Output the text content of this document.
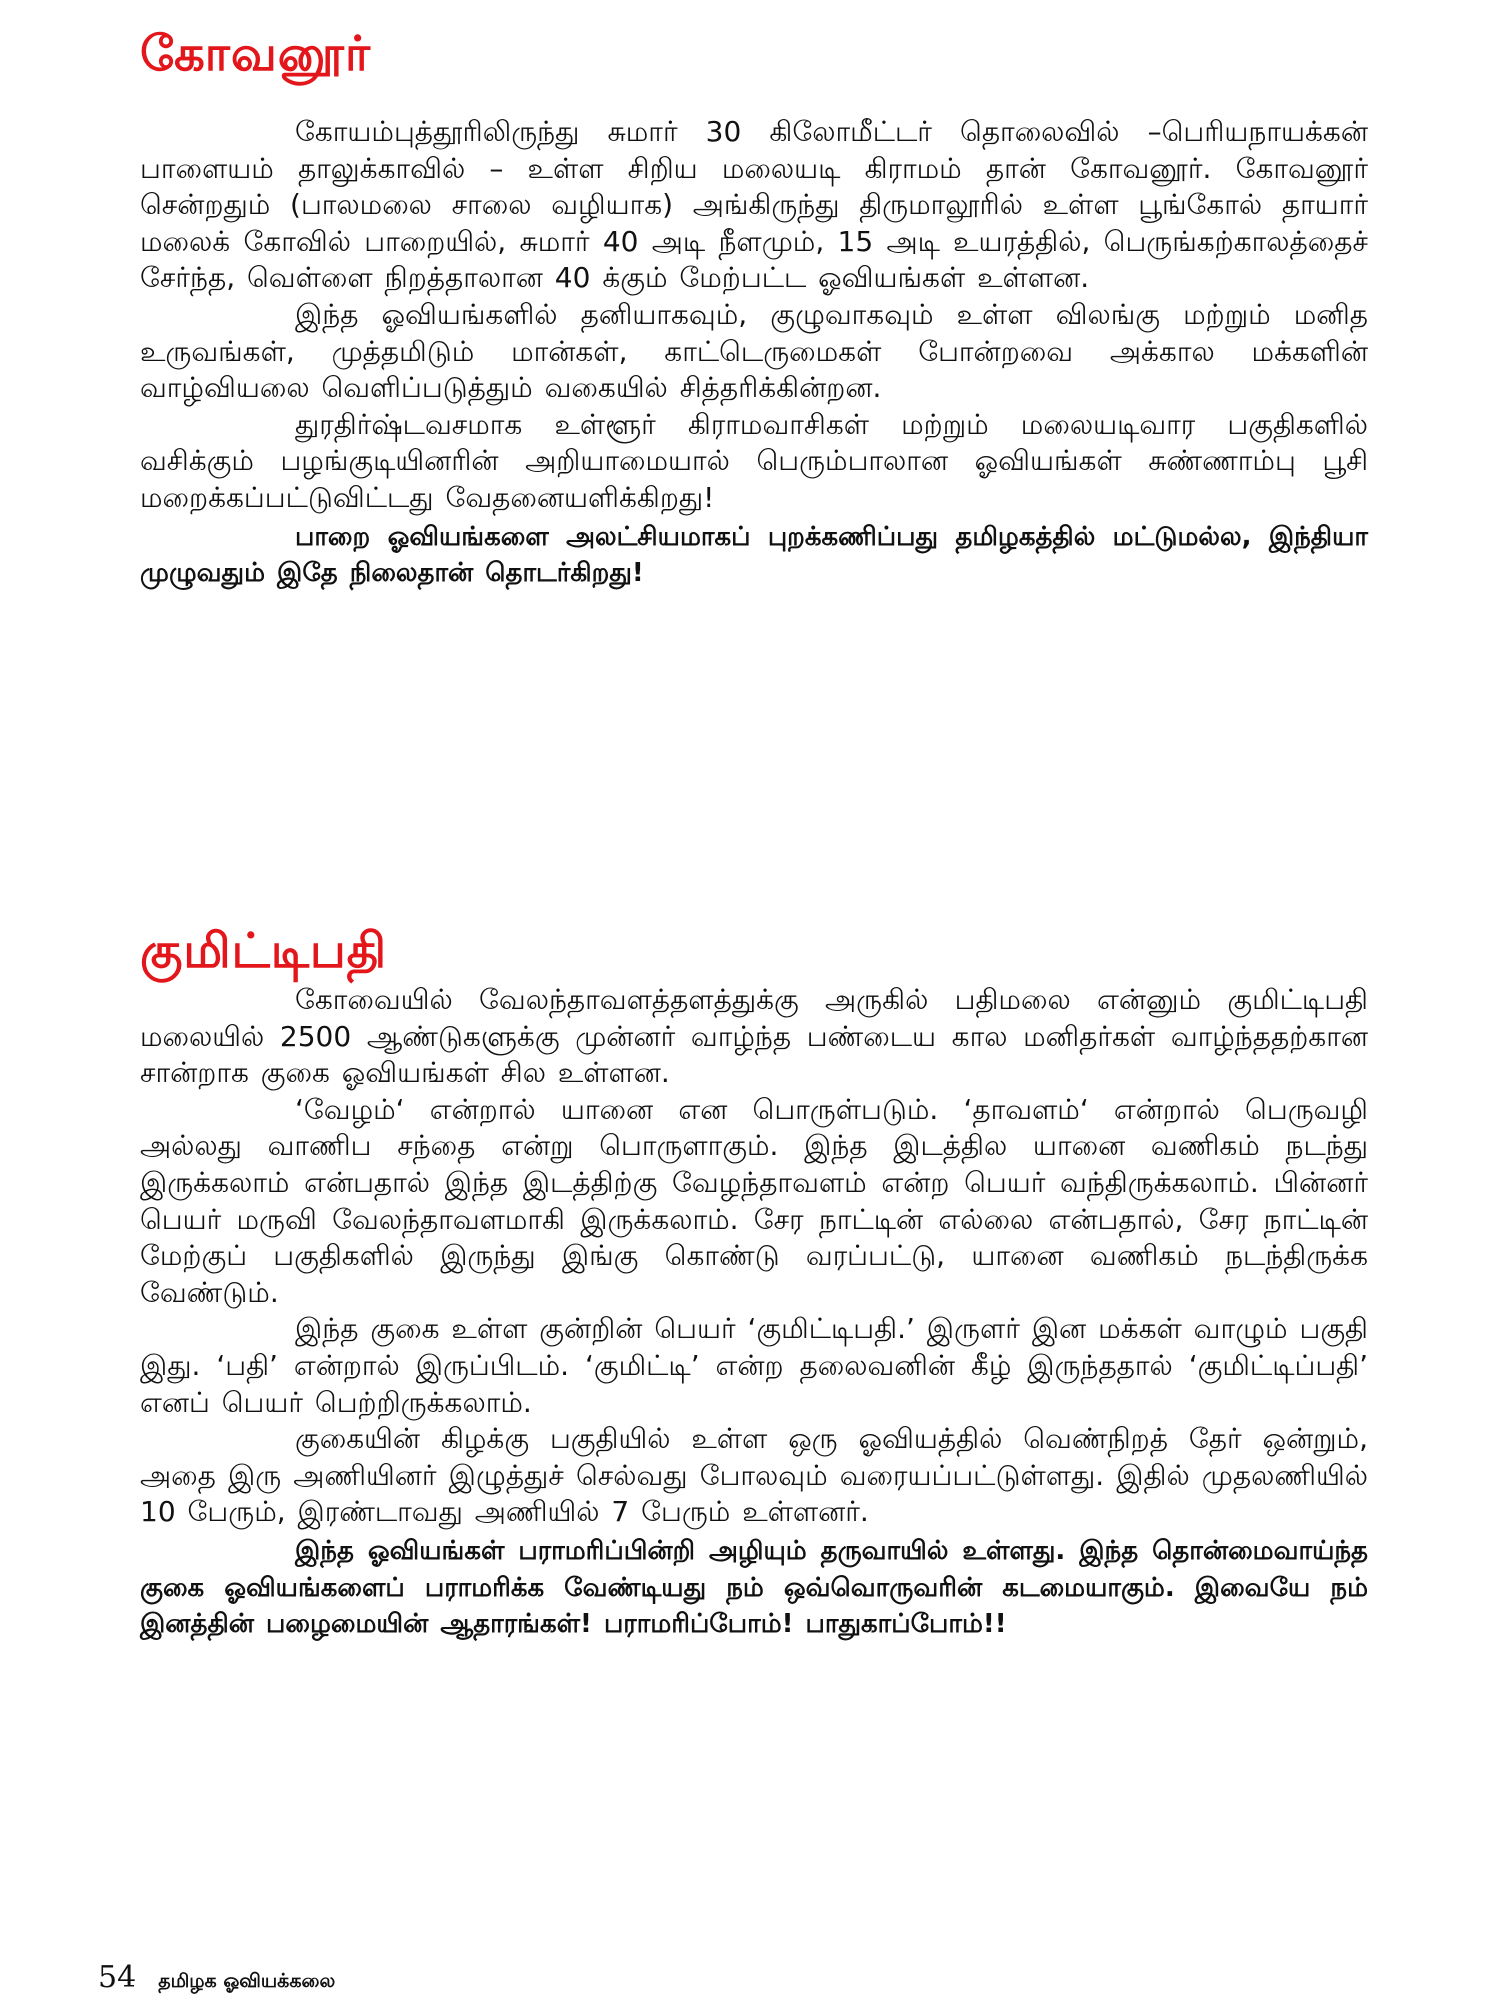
கோவனூர்

கோயம்புத்தூரிலிருந்து சுமார் 30 கிலோமீட்டர் தொலைவில் –பெரியநாயக்கன் பாளையம் தாலுக்காவில் – உள்ள சிறிய மலையடி கிராமம் தான் கோவனூர். கோவனூர் சென்றதும் (பாலமலை சாலை வழியாக) அங்கிருந்து திருமாலூரில் உள்ள பூங்கோல் தாயார் மலைக் கோவில் பாறையில், சுமார் 40 அடி நீளமும், 15 அடி உயரத்தில், பெருங்கற்காலத்தைச் சேர்ந்த, வெள்ளை நிறத்தாலான 40 க்கும் மேற்பட்ட ஓவியங்கள் உள்ளன.

இந்த ஓவியங்களில் தனியாகவும், குழுவாகவும் உள்ள விலங்கு மற்றும் மனித உருவங்கள், முத்தமிடும் மான்கள், காட்டெருமைகள் போன்றவை அக்கால மக்களின் வாழ்வியலை வெளிப்படுத்தும் வகையில் சித்தரிக்கின்றன.

துரதிர்ஷ்டவசமாக உள்ளூர் கிராமவாசிகள் மற்றும் மலையடிவார பகுதிகளில் வசிக்கும் பழங்குடியினரின் அறியாமையால் பெரும்பாலான ஓவியங்கள் சுண்ணாம்பு பூசி மறைக்கப்பட்டுவிட்டது வேதனையளிக்கிறது!

பாறை ஓவியங்களை அலட்சியமாகப் புறக்கணிப்பது தமிழகத்தில் மட்டுமல்ல, இந்தியா முழுவதும் இதே நிலைதான் தொடர்கிறது!

குமிட்டிபதி

கோவையில் வேலந்தாவளத்தளத்துக்கு அருகில் பதிமலை என்னும் குமிட்டிபதி மலையில் 2500 ஆண்டுகளுக்கு முன்னர் வாழ்ந்த பண்டைய கால மனிதர்கள் வாழ்ந்ததற்கான சான்றாக குகை ஓவியங்கள் சில உள்ளன.

‘வேழம்‘ என்றால் யானை என பொருள்படும். ‘தாவளம்‘ என்றால் பெருவழி அல்லது வாணிப சந்தை என்று பொருளாகும். இந்த இடத்தில யானை வணிகம் நடந்து இருக்கலாம் என்பதால் இந்த இடத்திற்கு வேழந்தாவளம் என்ற பெயர் வந்திருக்கலாம். பின்னர் பெயர் மருவி வேலந்தாவளமாகி இருக்கலாம். சேர நாட்டின் எல்லை என்பதால், சேர நாட்டின் மேற்குப் பகுதிகளில் இருந்து இங்கு கொண்டு வரப்பட்டு, யானை வணிகம் நடந்திருக்க வேண்டும்.

இந்த குகை உள்ள குன்றின் பெயர் ‘குமிட்டிபதி.’ இருளர் இன மக்கள் வாழும் பகுதி இது. ‘பதி’ என்றால் இருப்பிடம். ‘குமிட்டி’ என்ற தலைவனின் கீழ் இருந்ததால் ‘குமிட்டிப்பதி’ எனப் பெயர் பெற்றிருக்கலாம்.

குகையின் கிழக்கு பகுதியில் உள்ள ஒரு ஓவியத்தில் வெண்நிறத் தேர் ஒன்றும், அதை இரு அணியினர் இழுத்துச் செல்வது போலவும் வரையப்பட்டுள்ளது. இதில் முதலணியில் 10 பேரும், இரண்டாவது அணியில் 7 பேரும் உள்ளனர்.

இந்த ஓவியங்கள் பராமரிப்பின்றி அழியும் தருவாயில் உள்ளது. இந்த தொன்மைவாய்ந்த குகை ஓவியங்களைப் பராமரிக்க வேண்டியது நம் ஒவ்வொருவரின் கடமையாகும். இவையே நம் இனத்தின் பழைமையின் ஆதாரங்கள்! பராமரிப்போம்! பாதுகாப்போம்!!

54 தமிழக ஓவியக்கலை
